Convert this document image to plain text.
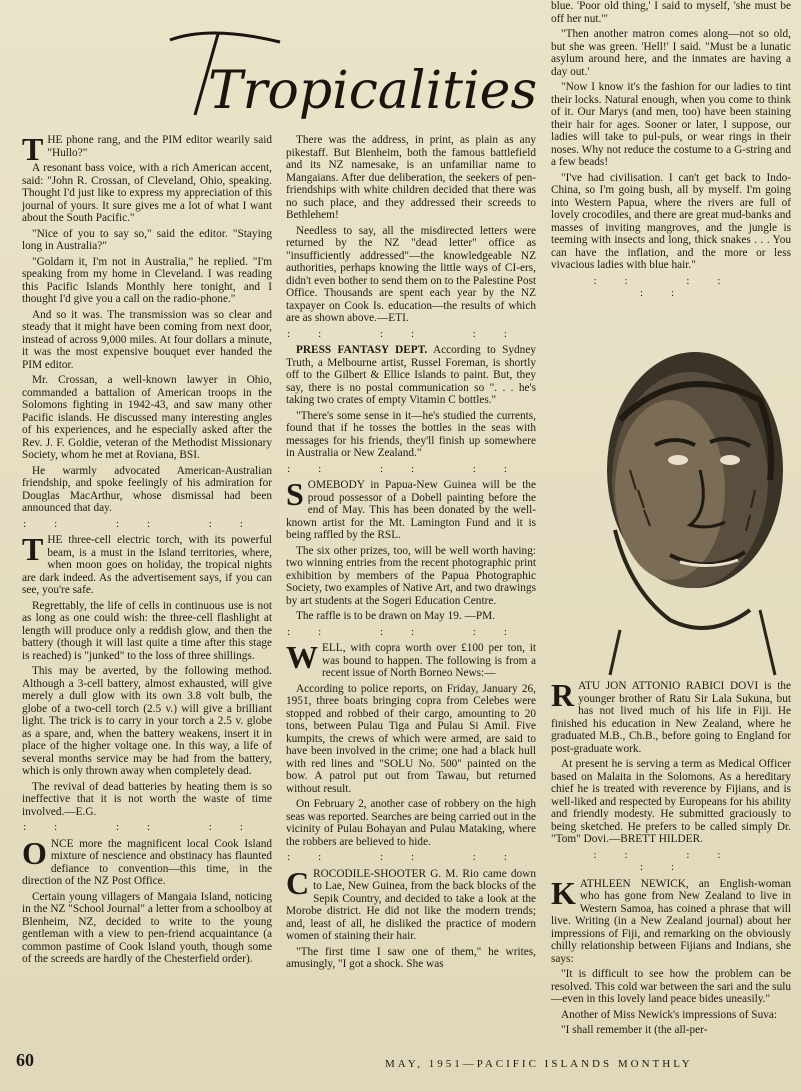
Tropicalities

THE phone rang, and the PIM editor wearily said "Hullo?"

A resonant bass voice, with a rich American accent, said: "John R. Crossan, of Cleveland, Ohio, speaking. Thought I'd just like to express my appreciation of this journal of yours. It sure gives me a lot of what I want about the South Pacific."

"Nice of you to say so," said the editor. "Staying long in Australia?"

"Goldarn it, I'm not in Australia," he replied. "I'm speaking from my home in Cleveland. I was reading this Pacific Islands Monthly here tonight, and I thought I'd give you a call on the radio-phone."

And so it was. The transmission was so clear and steady that it might have been coming from next door, instead of across 9,000 miles. At four dollars a minute, it was the most expensive bouquet ever handed the PIM editor.

Mr. Crossan, a well-known lawyer in Ohio, commanded a battalion of American troops in the Solomons fighting in 1942-43, and saw many other Pacific islands. He discussed many interesting angles of his experiences, and he especially asked after the Rev. J. F. Goldie, veteran of the Methodist Missionary Society, whom he met at Roviana, BSI.

He warmly advocated American-Australian friendship, and spoke feelingly of his admiration for Douglas MacArthur, whose dismissal had been announced that day.

:: :: ::

THE three-cell electric torch, with its powerful beam, is a must in the Island territories, where, when moon goes on holiday, the tropical nights are dark indeed. As the advertisement says, if you can see, you're safe.

Regrettably, the life of cells in continuous use is not as long as one could wish: the three-cell flashlight at length will produce only a reddish glow, and then the battery (though it will last quite a time after this stage is reached) is "junked" to the loss of three shillings.

This may be averted, by the following method. Although a 3-cell battery, almost exhausted, will give merely a dull glow with its own 3.8 volt bulb, the globe of a two-cell torch (2.5 v.) will give a brilliant light. The trick is to carry in your torch a 2.5 v. globe as a spare, and, when the battery weakens, insert it in place of the higher voltage one. In this way, a life of several months service may be had from the battery, which is only thrown away when completely dead.

The revival of dead batteries by heating them is so ineffective that it is not worth the waste of time involved.—E.G.

:: :: ::

ONCE more the magnificent local Cook Island mixture of nescience and obstinacy has flaunted defiance to convention—this time, in the direction of the NZ Post Office.

Certain young villagers of Mangaia Island, noticing in the NZ "School Journal" a letter from a schoolboy at Blenheim, NZ, decided to write to the young gentleman with a view to pen-friend acquaintance (a common pastime of Cook Island youth, though some of the screeds are hardly of the Chesterfield order).

There was the address, in print, as plain as any pikestaff. But Blenheim, both the famous battlefield and its NZ namesake, is an unfamiliar name to Mangaians. After due deliberation, the seekers of pen-friendships with white children decided that there was no such place, and they addressed their screeds to Bethlehem!

Needless to say, all the misdirected letters were returned by the NZ "dead letter" office as "insufficiently addressed"—the knowledgeable NZ authorities, perhaps knowing the little ways of CI-ers, didn't even bother to send them on to the Palestine Post Office. Thousands are spent each year by the NZ taxpayer on Cook Is. education—the results of which are as shown above.—ETI.

:: :: ::

PRESS FANTASY DEPT. According to Sydney Truth, a Melbourne artist, Russel Foreman, is shortly off to the Gilbert & Ellice Islands to paint. But, they say, there is no postal communication so ". . . he's taking two crates of empty Vitamin C bottles."

"There's some sense in it—he's studied the currents, found that if he tosses the bottles in the seas with messages for his friends, they'll finish up somewhere in Australia or New Zealand."

:: :: ::

SOMEBODY in Papua-New Guinea will be the proud possessor of a Dobell painting before the end of May. This has been donated by the well-known artist for the Mt. Lamington Fund and it is being raffled by the RSL.

The six other prizes, too, will be well worth having: two winning entries from the recent photographic print exhibition by members of the Papua Photographic Society, two examples of Native Art, and two drawings by art students at the Sogeri Education Centre.

The raffle is to be drawn on May 19. —PM.

:: :: ::

WELL, with copra worth over £100 per ton, it was bound to happen. The following is from a recent issue of North Borneo News:—

According to police reports, on Friday, January 26, 1951, three boats bringing copra from Celebes were stopped and robbed of their cargo, amounting to 20 tons, between Pulau Tiga and Pulau Si Amil. Five kumpits, the crews of which were armed, are said to have been involved in the crime; one had a black hull with red lines and "SOLU No. 500" painted on the bow. A patrol put out from Tawau, but returned without result.

On February 2, another case of robbery on the high seas was reported. Searches are being carried out in the vicinity of Pulau Bohayan and Pulau Mataking, where the robbers are believed to hide.

:: :: ::

CROCODILE-SHOOTER G. M. Rio came down to Lae, New Guinea, from the back blocks of the Sepik Country, and decided to take a look at the Morobe district. He did not like the modern trends; and, least of all, he disliked the practice of modern women of staining their hair.

"The first time I saw one of them," he writes, amusingly, "I got a shock. She was

blue. 'Poor old thing,' I said to myself, 'she must be off her nut.'"

"Then another matron comes along—not so old, but she was green. 'Hell!' I said. "Must be a lunatic asylum around here, and the inmates are having a day out.'

"Now I know it's the fashion for our ladies to tint their locks. Natural enough, when you come to think of it. Our Marys (and men, too) have been staining their hair for ages. Sooner or later, I suppose, our ladies will take to pul-puls, or wear rings in their noses. Why not reduce the costume to a G-string and a few beads!

"I've had civilisation. I can't get back to Indo-China, so I'm going bush, all by myself. I'm going into Western Papua, where the rivers are full of lovely crocodiles, and there are great mud-banks and masses of inviting mangroves, and the jungle is teeming with insects and long, thick snakes . . . You can have the inflation, and the more or less vivacious ladies with blue hair."

:: :: ::

RATU JON ATTONIO RABICI DOVI is the younger brother of Ratu Sir Lala Sukuna, but has not lived much of his life in Fiji. He finished his education in New Zealand, where he graduated M.B., Ch.B., before going to England for post-graduate work.

At present he is serving a term as Medical Officer based on Malaita in the Solomons. As a hereditary chief he is treated with reverence by Fijians, and is well-liked and respected by Europeans for his ability and friendly modesty. He submitted graciously to being sketched. He prefers to be called simply Dr. "Tom" Dovi.—BRETT HILDER.

:: :: ::

KATHLEEN NEWICK, an English-woman who has gone from New Zealand to live in Western Samoa, has coined a phrase that will live. Writing (in a New Zealand journal) about her impressions of Fiji, and remarking on the obviously chilly relationship between Fijians and Indians, she says:

"It is difficult to see how the problem can be resolved. This cold war between the sari and the sulu—even in this lovely land peace bides uneasily."

Another of Miss Newick's impressions of Suva:

"I shall remember it (the all-per-

60	MAY, 1951—PACIFIC ISLANDS MONTHLY
